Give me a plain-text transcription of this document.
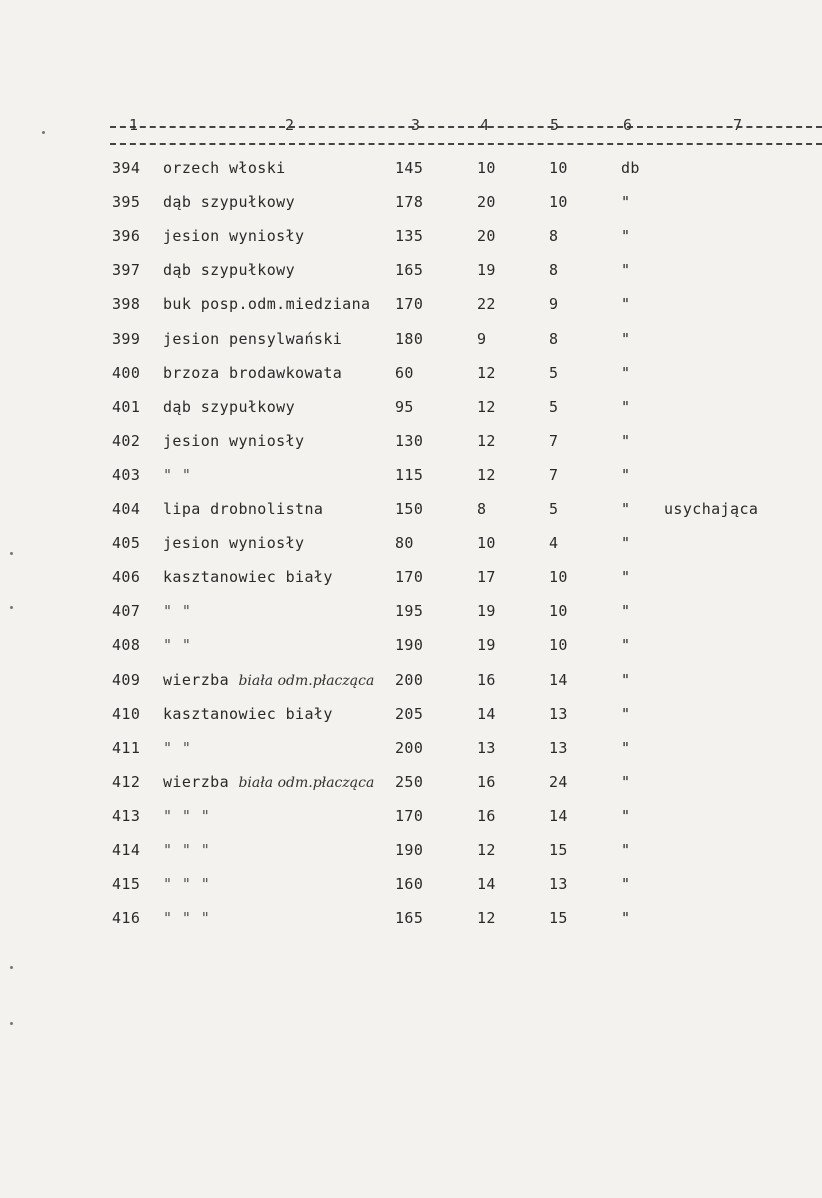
1	2	3	4	5	6	7
394 orzech włoski	145	10	10	db
395 dąb szypułkowy	178	20	10	"
396 jesion wyniosły	135	20	8	"
397 dąb szypułkowy	165	19	8	"
398 buk posp.odm.miedziana 170	22	9	"
399 jesion pensylwański	180	9	8	"
400 brzoza brodawkowata	60	12	5	"
401 dąb szypułkowy	95	12	5	"
402 jesion wyniosły	130	12	7	"
403 " "	115	12	7	"
404 lipa drobnolistna	150	8	5	" usychająca
405 jesion wyniosły	80	10	4	"
406 kasztanowiec biały	170	17	10	"
407 " "	195	19	10	"
408 " "	190	19	10	"
409 wierzba biała odm.płacząca 200	16	14	"
410 kasztanowiec biały	205	14	13	"
411 " "	200	13	13	"
412 wierzba biała odm.płacząca 250	16	24	"
413 " " "	170	16	14	"
414 " " "	190	12	15	"
415 " " "	160	14	13	"
416 " " "	165	12	15	"
